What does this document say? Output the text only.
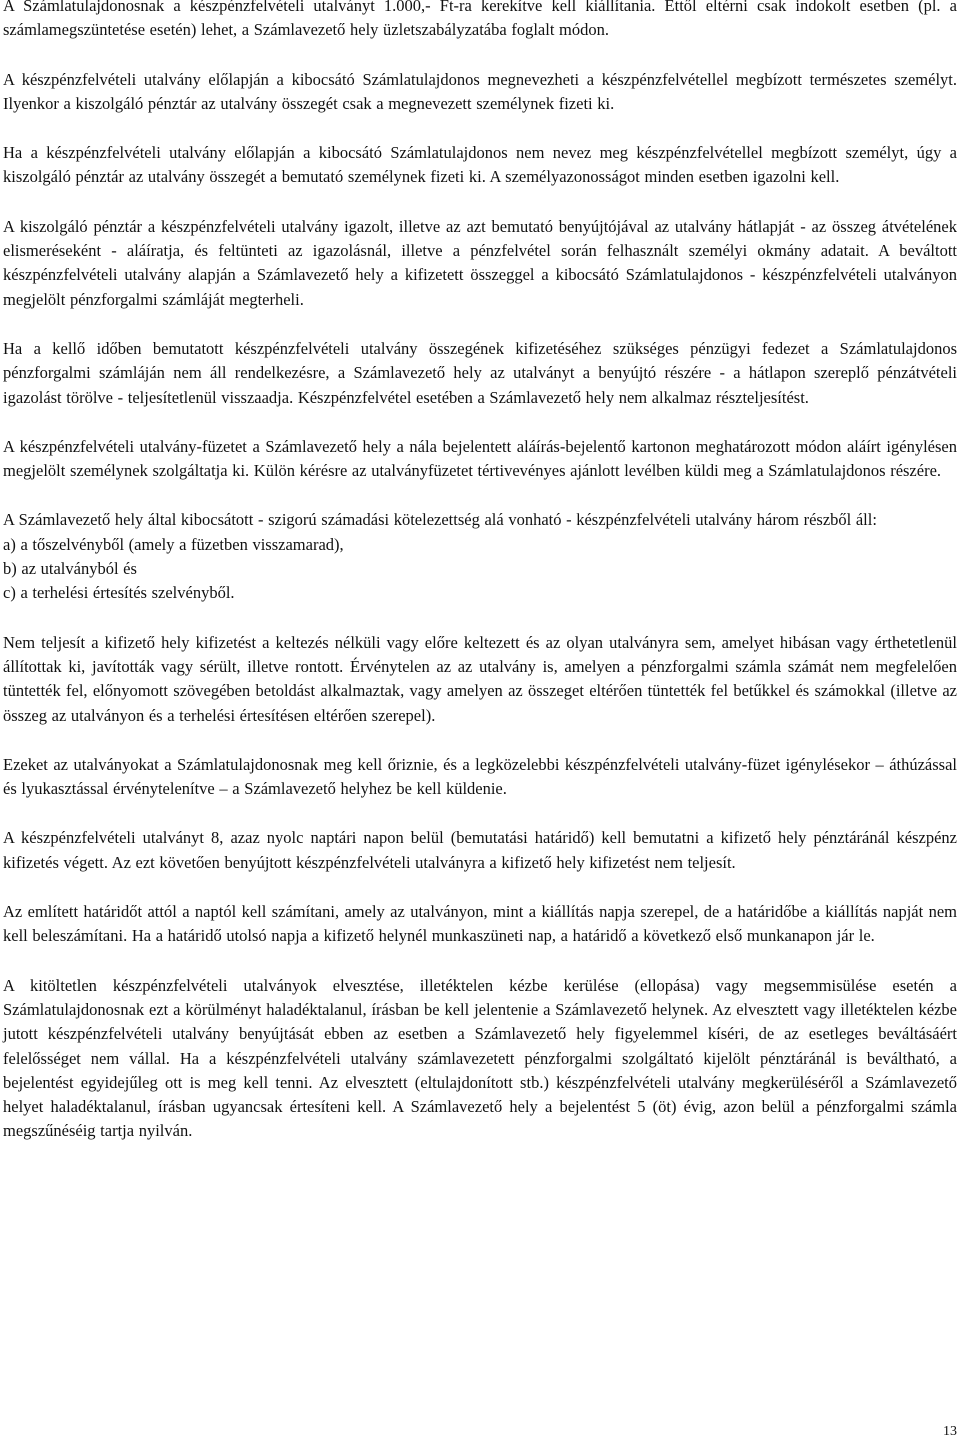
A Számlatulajdonosnak a készpénzfelvételi utalványt 1.000,- Ft-ra kerekítve kell kiállítania. Ettől eltérni csak indokolt esetben (pl. a számlamegszüntetése esetén) lehet, a Számlavezető hely üzletszabályzatába foglalt módon.

A készpénzfelvételi utalvány előlapján a kibocsátó Számlatulajdonos megnevezheti a készpénzfelvétellel megbízott természetes személyt. Ilyenkor a kiszolgáló pénztár az utalvány összegét csak a megnevezett személynek fizeti ki.

Ha a készpénzfelvételi utalvány előlapján a kibocsátó Számlatulajdonos nem nevez meg készpénzfelvétellel megbízott személyt, úgy a kiszolgáló pénztár az utalvány összegét a bemutató személynek fizeti ki. A személyazonosságot minden esetben igazolni kell.

A kiszolgáló pénztár a készpénzfelvételi utalvány igazolt, illetve az azt bemutató benyújtójával az utalvány hátlapját - az összeg átvételének elismeréseként - aláíratja, és feltünteti az igazolásnál, illetve a pénzfelvétel során felhasznált személyi okmány adatait. A beváltott készpénzfelvételi utalvány alapján a Számlavezető hely a kifizetett összeggel a kibocsátó Számlatulajdonos - készpénzfelvételi utalványon megjelölt pénzforgalmi számláját megterheli.

Ha a kellő időben bemutatott készpénzfelvételi utalvány összegének kifizetéséhez szükséges pénzügyi fedezet a Számlatulajdonos pénzforgalmi számláján nem áll rendelkezésre, a Számlavezető hely az utalványt a benyújtó részére - a hátlapon szereplő pénzátvételi igazolást törölve - teljesítetlenül visszaadja. Készpénzfelvétel esetében a Számlavezető hely nem alkalmaz részteljesítést.

A készpénzfelvételi utalvány-füzetet a Számlavezető hely a nála bejelentett aláírás-bejelentő kartonon meghatározott módon aláírt igénylésen megjelölt személynek szolgáltatja ki. Külön kérésre az utalványfüzetet tértivevényes ajánlott levélben küldi meg a Számlatulajdonos részére.

A Számlavezető hely által kibocsátott - szigorú számadási kötelezettség alá vonható - készpénzfelvételi utalvány három részből áll:
a) a tőszelvényből (amely a füzetben visszamarad),
b) az utalványból és
c) a terhelési értesítés szelvényből.

Nem teljesít a kifizető hely kifizetést a keltezés nélküli vagy előre keltezett és az olyan utalványra sem, amelyet hibásan vagy érthetetlenül állítottak ki, javították vagy sérült, illetve rontott. Érvénytelen az az utalvány is, amelyen a pénzforgalmi számla számát nem megfelelően tüntették fel, előnyomott szövegében betoldást alkalmaztak, vagy amelyen az összeget eltérően tüntették fel betűkkel és számokkal (illetve az összeg az utalványon és a terhelési értesítésen eltérően szerepel).

Ezeket az utalványokat a Számlatulajdonosnak meg kell őriznie, és a legközelebbi készpénzfelvételi utalvány-füzet igénylésekor – áthúzással és lyukasztással érvénytelenítve – a Számlavezető helyhez be kell küldenie.

A készpénzfelvételi utalványt 8, azaz nyolc naptári napon belül (bemutatási határidő) kell bemutatni a kifizető hely pénztáránál készpénz kifizetés végett. Az ezt követően benyújtott készpénzfelvételi utalványra a kifizető hely kifizetést nem teljesít.

Az említett határidőt attól a naptól kell számítani, amely az utalványon, mint a kiállítás napja szerepel, de a határidőbe a kiállítás napját nem kell beleszámítani. Ha a határidő utolsó napja a kifizető helynél munkaszüneti nap, a határidő a következő első munkanapon jár le.

A kitöltetlen készpénzfelvételi utalványok elvesztése, illetéktelen kézbe kerülése (ellopása) vagy megsemmisülése esetén a Számlatulajdonosnak ezt a körülményt haladéktalanul, írásban be kell jelentenie a Számlavezető helynek. Az elvesztett vagy illetéktelen kézbe jutott készpénzfelvételi utalvány benyújtását ebben az esetben a Számlavezető hely figyelemmel kíséri, de az esetleges beváltásáért felelősséget nem vállal. Ha a készpénzfelvételi utalvány számlavezetett pénzforgalmi szolgáltató kijelölt pénztáránál is beváltható, a bejelentést egyidejűleg ott is meg kell tenni. Az elvesztett (eltulajdonított stb.) készpénzfelvételi utalvány megkerüléséről a Számlavezető helyet haladéktalanul, írásban ugyancsak értesíteni kell. A Számlavezető hely a bejelentést 5 (öt) évig, azon belül a pénzforgalmi számla megszűnéséig tartja nyilván.

13
